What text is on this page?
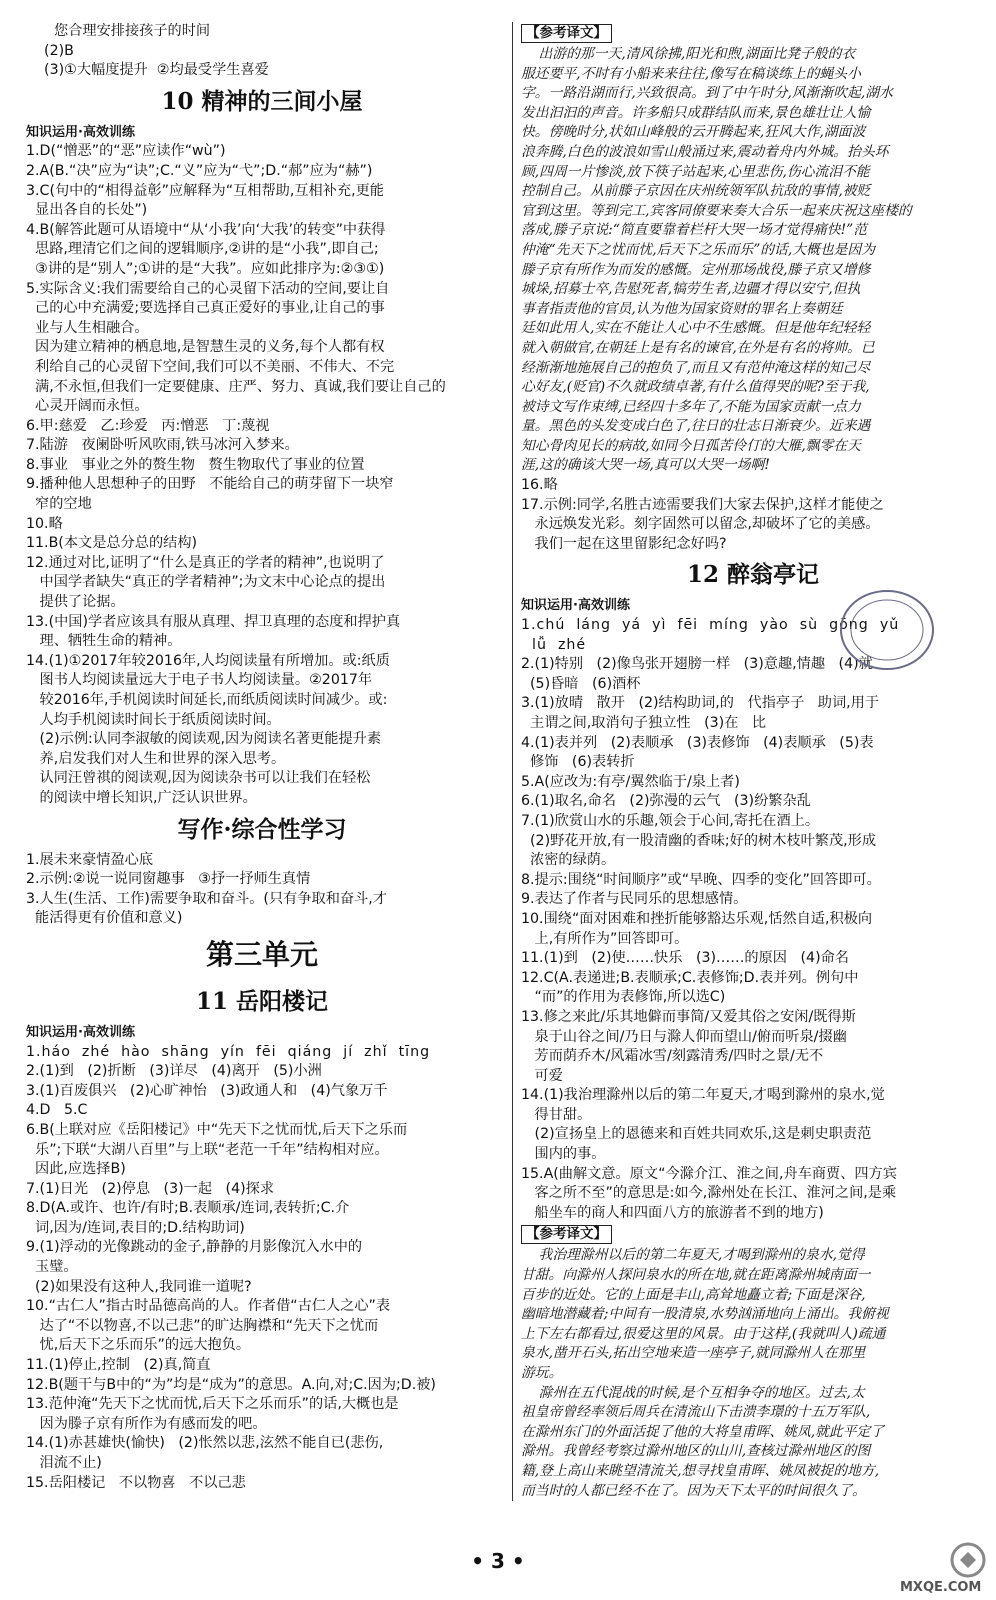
您合理安排接孩子的时间
(2)B
(3)①大幅度提升  ②均最受学生喜爱
10 精神的三间小屋
知识运用·高效训练
1.D(“憎恶”的“恶”应读作“wù”)
2.A(B.“决”应为“诀”;C.“义”应为“弋”;D.“郝”应为“赫”)
3.C(句中的“相得益彰”应解释为“互相帮助,互相补充,更能
显出各自的长处”)
4.B(解答此题可从语境中“从‘小我’向‘大我’的转变”中获得
思路,理清它们之间的逻辑顺序,②讲的是“小我”,即自己;
③讲的是“别人”;①讲的是“大我”。应如此排序为:②③①)
5.实际含义:我们需要给自己的心灵留下活动的空间,要让自
己的心中充满爱;要选择自己真正爱好的事业,让自己的事
业与人生相融合。
因为建立精神的栖息地,是智慧生灵的义务,每个人都有权
利给自己的心灵留下空间,我们可以不美丽、不伟大、不完
满,不永恒,但我们一定要健康、庄严、努力、真诚,我们要让自己的
心灵开阔而永恒。
6.甲:慈爱   乙:珍爱   丙:憎恶   丁:蔑视
7.陆游   夜阑卧听风吹雨,铁马冰河入梦来。
8.事业   事业之外的赘生物   赘生物取代了事业的位置
9.播种他人思想种子的田野   不能给自己的萌芽留下一块窄
窄的空地
10.略
11.B(本文是总分总的结构)
12.通过对比,证明了“什么是真正的学者的精神”,也说明了
中国学者缺失“真正的学者精神”;为文末中心论点的提出
提供了论据。
13.(中国)学者应该具有服从真理、捍卫真理的态度和捍护真
理、牺牲生命的精神。
14.(1)①2017年较2016年,人均阅读量有所增加。或:纸质
图书人均阅读量远大于电子书人均阅读量。②2017年
较2016年,手机阅读时间延长,而纸质阅读时间减少。或:
人均手机阅读时间长于纸质阅读时间。
(2)示例:认同李淑敏的阅读观,因为阅读名著更能提升素
养,启发我们对人生和世界的深入思考。
认同汪曾祺的阅读观,因为阅读杂书可以让我们在轻松
的阅读中增长知识,广泛认识世界。
写作·综合性学习
1.展未来豪情盈心底
2.示例:②说一说同窗趣事   ③抒一抒师生真情
3.人生(生活、工作)需要争取和奋斗。(只有争取和奋斗,才
能活得更有价值和意义)
第三单元
11 岳阳楼记
知识运用·高效训练
1.háo  zhé  hào  shāng  yín  fēi  qiáng  jí  zhǐ  tīng
2.(1)到   (2)折断   (3)详尽   (4)离开   (5)小洲
3.(1)百废俱兴   (2)心旷神怡   (3)政通人和   (4)气象万千
4.D   5.C
6.B(上联对应《岳阳楼记》中“先天下之忧而忧,后天下之乐而
乐”;下联“大湖八百里”与上联“老范一千年”结构相对应。
因此,应选择B)
7.(1)日光   (2)停息   (3)一起   (4)探求
8.D(A.或许、也许/有时;B.表顺承/连词,表转折;C.介
词,因为/连词,表目的;D.结构助词)
9.(1)浮动的光像跳动的金子,静静的月影像沉入水中的
玉璧。
(2)如果没有这种人,我同谁一道呢?
10.“古仁人”指古时品德高尚的人。作者借“古仁人之心”表
达了“不以物喜,不以己悲”的旷达胸襟和“先天下之忧而
忧,后天下之乐而乐”的远大抱负。
11.(1)停止,控制   (2)真,简直
12.B(题干与B中的“为”均是“成为”的意思。A.向,对;C.因为;D.被)
13.范仲淹“先天下之忧而忧,后天下之乐而乐”的话,大概也是
因为滕子京有所作为有感而发的吧。
14.(1)赤甚雄快(愉快)   (2)怅然以悲,泫然不能自已(悲伤,
泪流不止)
15.岳阳楼记   不以物喜   不以己悲
【参考译文】
出游的那一天,清风徐拂,阳光和煦,湖面比凳子般的衣
服还要平,不时有小船来来往往,像写在稿谈练上的蝇头小
字。一路沿湖而行,兴致很高。到了中午时分,风渐渐吹起,湖水
发出汩汩的声音。许多船只成群结队而来,景色雄壮让人愉
快。傍晚时分,状如山峰般的云开腾起来,狂风大作,湖面波
浪奔腾,白色的波浪如雪山般涌过来,震动着舟内外城。抬头环
顾,四周一片惨淡,放下筷子站起来,心里悲伤,伤心流泪不能
控制自己。从前滕子京因在庆州统领军队抗敌的事情,被贬
官到这里。等到完工,宾客同僚要来奏大合乐一起来庆祝这座楼的
落成,滕子京说:“简直要靠着栏杆大哭一场才觉得痛快!”范
仲淹“先天下之忧而忧,后天下之乐而乐”的话,大概也是因为
滕子京有所作为而发的感慨。定州那场战役,滕子京又增修
城垛,招募士卒,告慰死者,犒劳生者,边疆才得以安宁,但执
事者指责他的官员,认为他为国家资财的罪名上奏朝廷
廷如此用人,实在不能让人心中不生感慨。但是他年纪轻轻
就入朝做官,在朝廷上是有名的谏官,在外是有名的将帅。已
经渐渐地施展自己的抱负了,而且又有范仲淹这样的知己尽
心好友,(贬官)不久就政绩卓著,有什么值得哭的呢?至于我,
被诗文写作束缚,已经四十多年了,不能为国家贡献一点力
量。黑色的头发变成白色了,往日的壮志日渐衰少。近来遇
知心骨肉见长的病故,如同今日孤苦伶仃的大雁,飘零在天
涯,这的确该大哭一场,真可以大哭一场啊!
16.略
17.示例:同学,名胜古迹需要我们大家去保护,这样才能使之
永远焕发光彩。刻字固然可以留念,却破坏了它的美感。
我们一起在这里留影纪念好吗?
12 醉翁亭记
知识运用·高效训练
1.chú  láng  yá  yì  fēi  míng  yào  sù  gōng  yǔ
lǚ  zhé
2.(1)特别   (2)像鸟张开翅膀一样   (3)意趣,情趣   (4)就
(5)昏暗   (6)酒杯
3.(1)放晴   散开   (2)结构助词,的   代指亭子   助词,用于
主谓之间,取消句子独立性   (3)在   比
4.(1)表并列   (2)表顺承   (3)表修饰   (4)表顺承   (5)表
修饰   (6)表转折
5.A(应改为:有亭/翼然临于/泉上者)
6.(1)取名,命名   (2)弥漫的云气   (3)纷繁杂乱
7.(1)欣赏山水的乐趣,领会于心间,寄托在酒上。
(2)野花开放,有一股清幽的香味;好的树木枝叶繁茂,形成
浓密的绿荫。
8.提示:围绕“时间顺序”或“早晚、四季的变化”回答即可。
9.表达了作者与民同乐的思想感情。
10.围绕“面对困难和挫折能够豁达乐观,恬然自适,积极向
上,有所作为”回答即可。
11.(1)到   (2)使……快乐   (3)……的原因   (4)命名
12.C(A.表递进;B.表顺承;C.表修饰;D.表并列。例句中
“而”的作用为表修饰,所以选C)
13.修之来此/乐其地僻而事简/又爱其俗之安闲/既得斯
泉于山谷之间/乃日与滁人仰而望山/俯而听泉/掇幽
芳而荫乔木/风霜冰雪/刻露清秀/四时之景/无不
可爱
14.(1)我治理滁州以后的第二年夏天,才喝到滁州的泉水,觉
得甘甜。
(2)宣扬皇上的恩德来和百姓共同欢乐,这是刺史职责范
围内的事。
15.A(曲解文意。原文“今滁介江、淮之间,舟车商贾、四方宾
客之所不至”的意思是:如今,滁州处在长江、淮河之间,是乘
船坐车的商人和四面八方的旅游者不到的地方)
【参考译文】
我治理滁州以后的第二年夏天,才喝到滁州的泉水,觉得
甘甜。向滁州人探问泉水的所在地,就在距离滁州城南面一
百步的近处。它的上面是丰山,高耸地矗立着;下面是深谷,
幽暗地潜藏着;中间有一股清泉,水势汹涌地向上涌出。我俯视
上下左右都看过,很爱这里的风景。由于这样,(我就叫人)疏通
泉水,凿开石头,拓出空地来造一座亭子,就同滁州人在那里
游玩。
滁州在五代混战的时候,是个互相争夺的地区。过去,太
祖皇帝曾经率领后周兵在清流山下击溃李璟的十五万军队,
在滁州东门的外面活捉了他的大将皇甫晖、姚凤,就此平定了
滁州。我曾经考察过滁州地区的山川,查核过滁州地区的图
籍,登上高山来眺望清流关,想寻找皇甫晖、姚凤被捉的地方,
而当时的人都已经不在了。因为天下太平的时间很久了。
MXQE.COM
• 3 •
